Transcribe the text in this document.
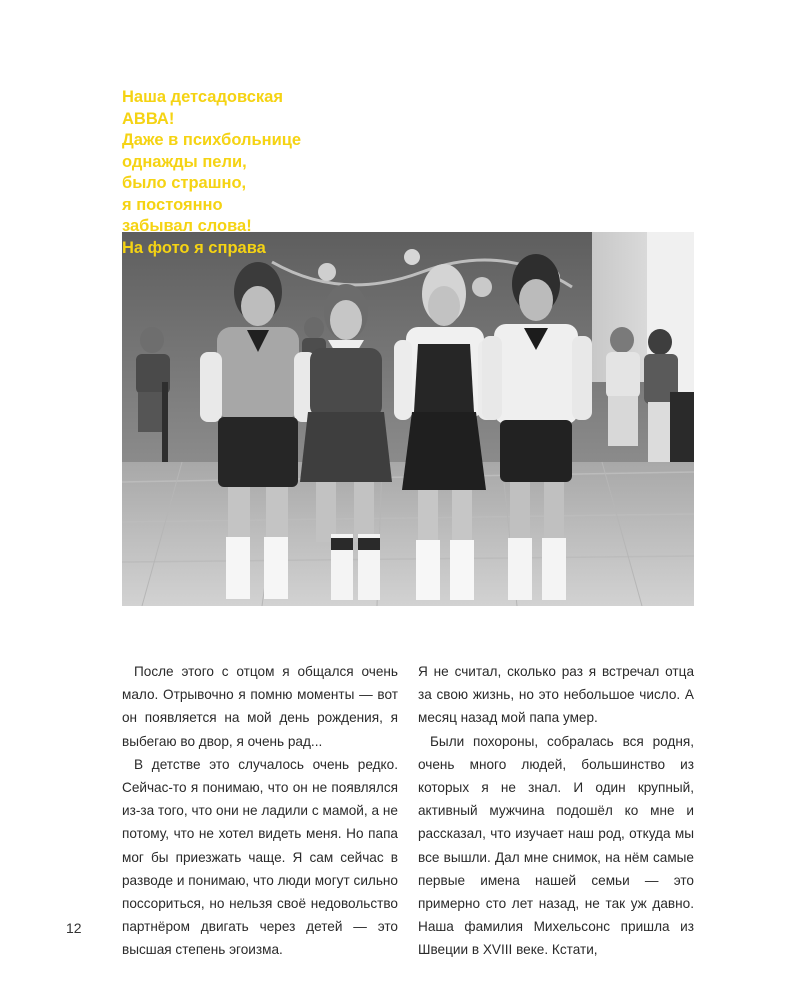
Наша детсадовская
АВВА!
Даже в психбольнице
однажды пели,
было страшно,
я постоянно
забывал слова!
На фото я справа

После этого с отцом я общался очень мало. Отрывочно я помню моменты — вот он появляется на мой день рождения, я выбегаю во двор, я очень рад...

В детстве это случалось очень редко. Сейчас-то я понимаю, что он не появлялся из-за того, что они не ладили с мамой, а не потому, что не хотел видеть меня. Но папа мог бы приезжать чаще. Я сам сейчас в разводе и понимаю, что люди могут сильно поссориться, но нельзя своё недовольство партнёром двигать через детей — это высшая степень эгоизма.

Я не считал, сколько раз я встречал отца за свою жизнь, но это небольшое число. А месяц назад мой папа умер.

Были похороны, собралась вся родня, очень много людей, большинство из которых я не знал. И один крупный, активный мужчина подошёл ко мне и рассказал, что изучает наш род, откуда мы все вышли. Дал мне снимок, на нём самые первые имена нашей семьи — это примерно сто лет назад, не так уж давно. Наша фамилия Михельсонс пришла из Швеции в XVIII веке. Кстати,

12
